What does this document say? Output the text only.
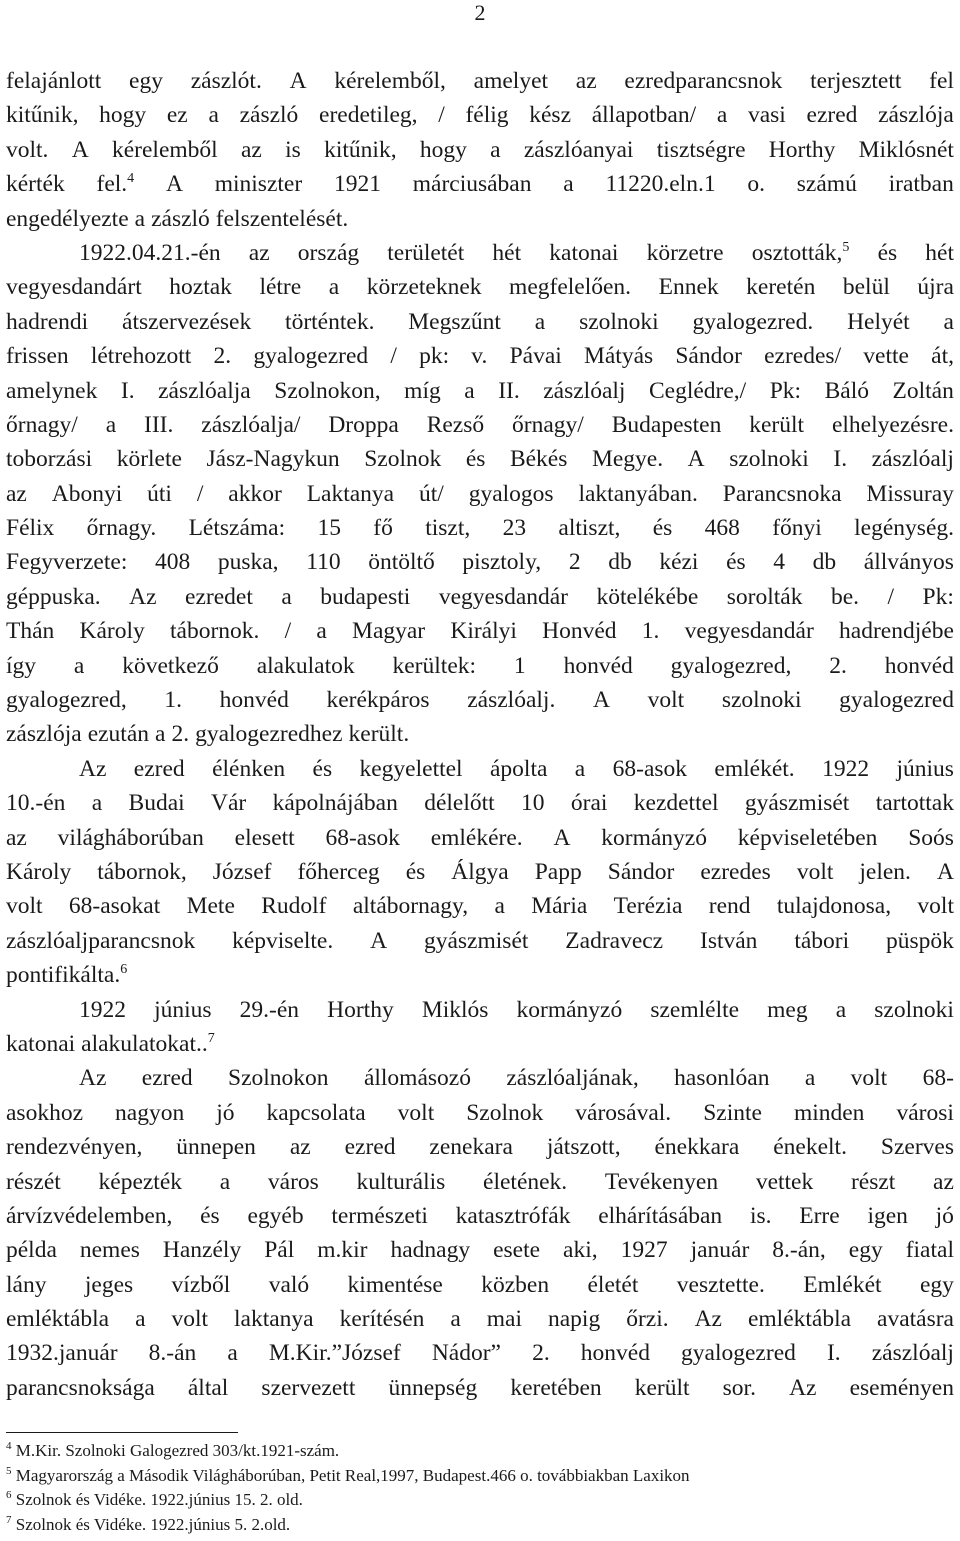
2
felajánlott egy zászlót. A kérelemből, amelyet az ezredparancsnok terjesztett fel
kitűnik, hogy ez a zászló eredetileg, / félig kész állapotban/ a vasi ezred zászlója
volt. A kérelemből az is kitűnik, hogy a zászlóanyai tisztségre Horthy Miklósnét
kérték fel.$^4$ A miniszter 1921 márciusában a 11220.eln.1 o. számú iratban
engedélyezte a zászló felszentelését.
1922.04.21.-én az ország területét hét katonai körzetre osztották,$^5$ és hét
vegyesdandárt hoztak létre a körzeteknek megfelelően. Ennek keretén belül újra
hadrendi átszervezések történtek. Megszűnt a szolnoki gyalogezred. Helyét a
frissen létrehozott 2. gyalogezred / pk: v. Pávai Mátyás Sándor ezredes/ vette át,
amelynek I. zászlóalja Szolnokon, míg a II. zászlóalj Ceglédre,/ Pk: Báló Zoltán
őrnagy/ a III. zászlóalja/ Droppa Rezső őrnagy/ Budapesten került elhelyezésre.
toborzási körlete Jász-Nagykun Szolnok és Békés Megye. A szolnoki I. zászlóalj
az Abonyi úti / akkor Laktanya út/ gyalogos laktanyában. Parancsnoka Missuray
Félix őrnagy. Létszáma: 15 fő tiszt, 23 altiszt, és 468 főnyi legénység.
Fegyverzete: 408 puska, 110 öntöltő pisztoly, 2 db kézi és 4 db állványos
géppuska. Az ezredet a budapesti vegyesdandár kötelékébe sorolták be. / Pk:
Thán Károly tábornok. / a Magyar Királyi Honvéd 1. vegyesdandár hadrendjébe
így a következő alakulatok kerültek: 1 honvéd gyalogezred, 2. honvéd
gyalogezred, 1. honvéd kerékpáros zászlóalj. A volt szolnoki gyalogezred
zászlója ezután a 2. gyalogezredhez került.
Az ezred élénken és kegyelettel ápolta a 68-asok emlékét. 1922 június
10.-én a Budai Vár kápolnájában délelőtt 10 órai kezdettel gyászmisét tartottak
az világháborúban elesett 68-asok emlékére. A kormányzó képviseletében Soós
Károly tábornok, József főherceg és Álgya Papp Sándor ezredes volt jelen. A
volt 68-asokat Mete Rudolf altábornagy, a Mária Terézia rend tulajdonosa, volt
zászlóaljparancsnok képviselte. A gyászmisét Zadravecz István tábori püspök
pontifikálta.$^6$
1922 június 29.-én Horthy Miklós kormányzó szemlélte meg a szolnoki
katonai alakulatokat..$^7$
Az ezred Szolnokon állomásozó zászlóaljának, hasonlóan a volt 68-
asokhoz nagyon jó kapcsolata volt Szolnok városával. Szinte minden városi
rendezvényen, ünnepen az ezred zenekara játszott, énekkara énekelt. Szerves
részét képezték a város kulturális életének. Tevékenyen vettek részt az
árvízvédelemben, és egyéb természeti katasztrófák elhárításában is. Erre igen jó
példa nemes Hanzély Pál m.kir hadnagy esete aki, 1927 január 8.-án, egy fiatal
lány jeges vízből való kimentése közben életét vesztette. Emlékét egy
emléktábla a volt laktanya kerítésén a mai napig őrzi. Az emléktábla avatásra
1932.január 8.-án a M.Kir.”József Nádor” 2. honvéd gyalogezred I. zászlóalj
parancsnoksága által szervezett ünnepség keretében került sor. Az eseményen
$^4$ M.Kir. Szolnoki Galogezred 303/kt.1921-szám.
$^5$ Magyarország a Második Világháborúban, Petit Real,1997, Budapest.466 o. továbbiakban Laxikon
$^6$ Szolnok és Vidéke. 1922.június 15. 2. old.
$^7$ Szolnok és Vidéke. 1922.június 5. 2.old.
